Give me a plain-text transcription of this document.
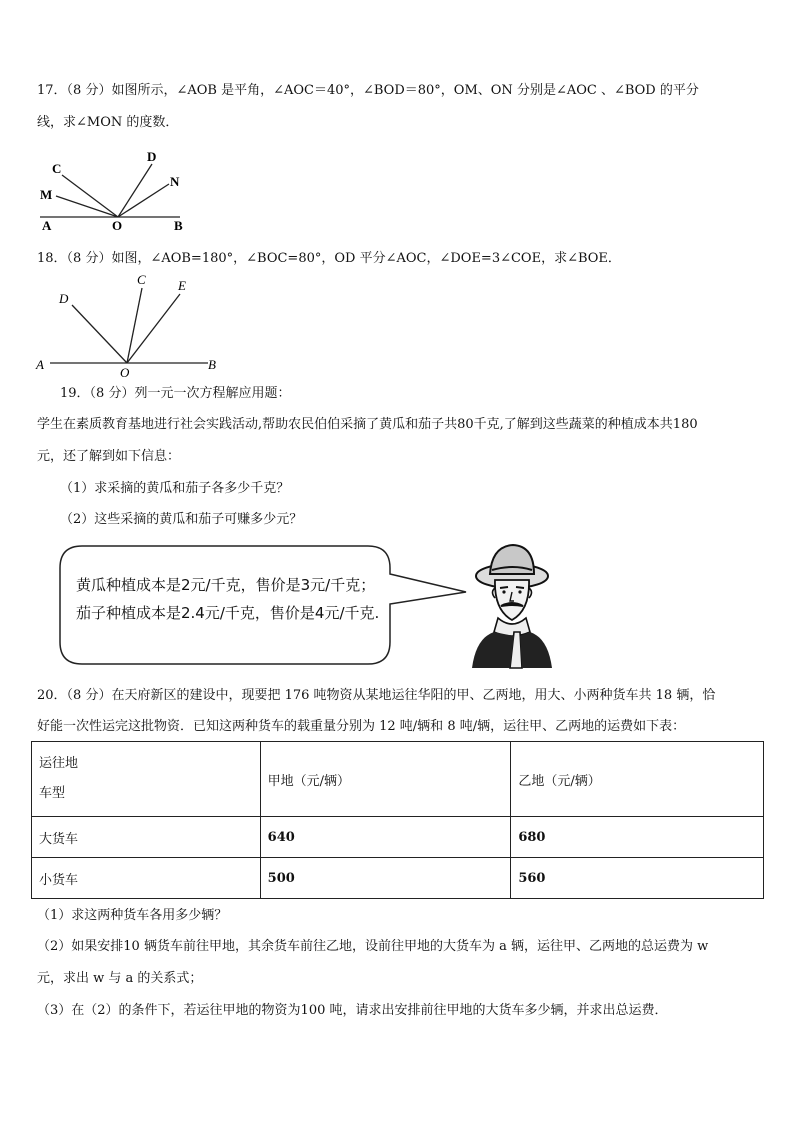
17．（8 分）如图所示，∠AOB 是平角，∠AOC＝40°，∠BOD＝80°，OM、ON 分别是∠AOC 、∠BOD 的平分
线，求∠MON 的度数．
C
M
D
N
A	O	B
18．（8 分）如图，∠AOB=180°，∠BOC=80°，OD 平分∠AOC，∠DOE=3∠COE，求∠BOE．
D
C E
A
O
B
19．（8 分）列一元一次方程解应用题：
学生在素质教育基地进行社会实践活动,帮助农民伯伯采摘了黄瓜和茄子共80千克,了解到这些蔬菜的种植成本共180
元，还了解到如下信息：
（1）求采摘的黄瓜和茄子各多少千克？
（2）这些采摘的黄瓜和茄子可赚多少元？
黄瓜种植成本是2元/千克，售价是3元/千克；
茄子种植成本是2.4元/千克，售价是4元/千克.
20．（8 分）在天府新区的建设中，现要把 176 吨物资从某地运往华阳的甲、乙两地，用大、小两种货车共 18 辆，恰
好能一次性运完这批物资．已知这两种货车的载重量分别为 12 吨/辆和 8 吨/辆，运往甲、乙两地的运费如下表：
运往地
车型	甲地（元/辆）	乙地（元/辆）
大货车	640	680
小货车	500	560
（1）求这两种货车各用多少辆？
（2）如果安排10 辆货车前往甲地，其余货车前往乙地，设前往甲地的大货车为 a 辆，运往甲、乙两地的总运费为 w
元，求出 w 与 a 的关系式；
（3）在（2）的条件下，若运往甲地的物资为100 吨，请求出安排前往甲地的大货车多少辆，并求出总运费．
